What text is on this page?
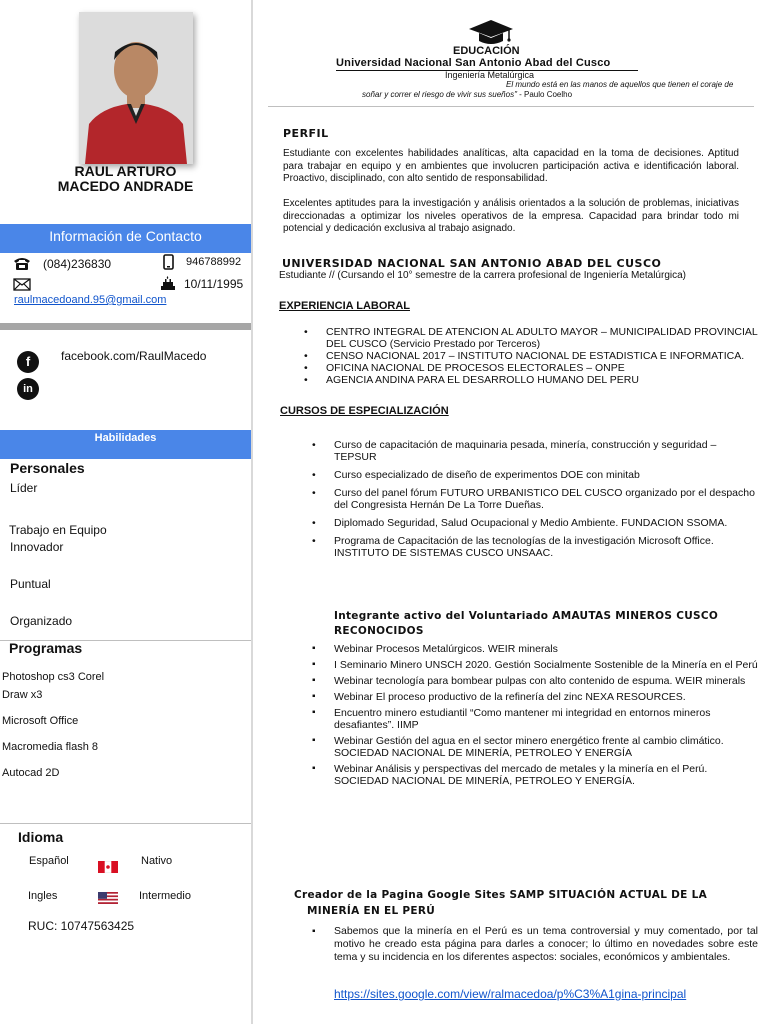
RAUL ARTURO
MACEDO ANDRADE
Información de Contacto
(084)236830	946788992
10/11/1995
raulmacedoand.95@gmail.com
f
in
facebook.com/RaulMacedo
Habilidades
Personales
Líder
Trabajo en Equipo
Innovador
Puntual
Organizado
Programas
Photoshop cs3 Corel
Draw x3
Microsoft Office
Macromedia flash 8
Autocad 2D
Idioma
Español	Nativo
Ingles	Intermedio
RUC: 10747563425
EDUCACIÓN
Universidad Nacional San Antonio Abad del Cusco
Ingeniería Metalúrgica
El mundo está en las manos de aquellos que tienen el coraje de
soñar y correr el riesgo de vivir sus sueños" - Paulo Coelho
PERFIL
Estudiante con excelentes habilidades analíticas, alta capacidad en la toma de decisiones. Aptitud para trabajar en equipo y en ambientes que involucren participación activa e identificación laboral. Proactivo, disciplinado, con alto sentido de responsabilidad.
Excelentes aptitudes para la investigación y análisis orientados a la solución de problemas, iniciativas direccionadas a optimizar los niveles operativos de la empresa. Capacidad para brindar todo mi potencial y dedicación exclusiva al trabajo asignado.
UNIVERSIDAD NACIONAL SAN ANTONIO ABAD DEL CUSCO
Estudiante // (Cursando el 10° semestre de la carrera profesional de Ingeniería Metalúrgica)
EXPERIENCIA LABORAL
• CENTRO INTEGRAL DE ATENCION AL ADULTO MAYOR – MUNICIPALIDAD PROVINCIAL DEL CUSCO (Servicio Prestado por Terceros)
• CENSO NACIONAL 2017 – INSTITUTO NACIONAL DE ESTADISTICA E INFORMATICA.
• OFICINA NACIONAL DE PROCESOS ELECTORALES – ONPE
• AGENCIA ANDINA PARA EL DESARROLLO HUMANO DEL PERU
CURSOS DE ESPECIALIZACIÓN
• Curso de capacitación de maquinaria pesada, minería, construcción y seguridad – TEPSUR
• Curso especializado de diseño de experimentos DOE con minitab
• Curso del panel fórum FUTURO URBANISTICO DEL CUSCO organizado por el despacho del Congresista Hernán De La Torre Dueñas.
• Diplomado Seguridad, Salud Ocupacional y Medio Ambiente. FUNDACION SSOMA.
• Programa de Capacitación de las tecnologías de la investigación Microsoft Office. INSTITUTO DE SISTEMAS CUSCO UNSAAC.
Integrante activo del Voluntariado AMAUTAS MINEROS CUSCO
RECONOCIDOS
▪ Webinar Procesos Metalúrgicos. WEIR minerals
▪ I Seminario Minero UNSCH 2020. Gestión Socialmente Sostenible de la Minería en el Perú
▪ Webinar tecnología para bombear pulpas con alto contenido de espuma. WEIR minerals
▪ Webinar El proceso productivo de la refinería del zinc NEXA RESOURCES.
▪ Encuentro minero estudiantil “Como mantener mi integridad en entornos mineros desafiantes”. IIMP
▪ Webinar Gestión del agua en el sector minero energético frente al cambio climático. SOCIEDAD NACIONAL DE MINERÍA, PETROLEO Y ENERGÍA
▪ Webinar Análisis y perspectivas del mercado de metales y la minería en el Perú. SOCIEDAD NACIONAL DE MINERÍA, PETROLEO Y ENERGÍA.
Creador de la Pagina Google Sites SAMP SITUACIÓN ACTUAL DE LA
MINERÍA EN EL PERÚ
▪ Sabemos que la minería en el Perú es un tema controversial y muy comentado, por tal motivo he creado esta página para darles a conocer; lo último en novedades sobre este tema y su incidencia en los diferentes aspectos: sociales, económicos y ambientales.
https://sites.google.com/view/ralmacedoa/p%C3%A1gina-principal
